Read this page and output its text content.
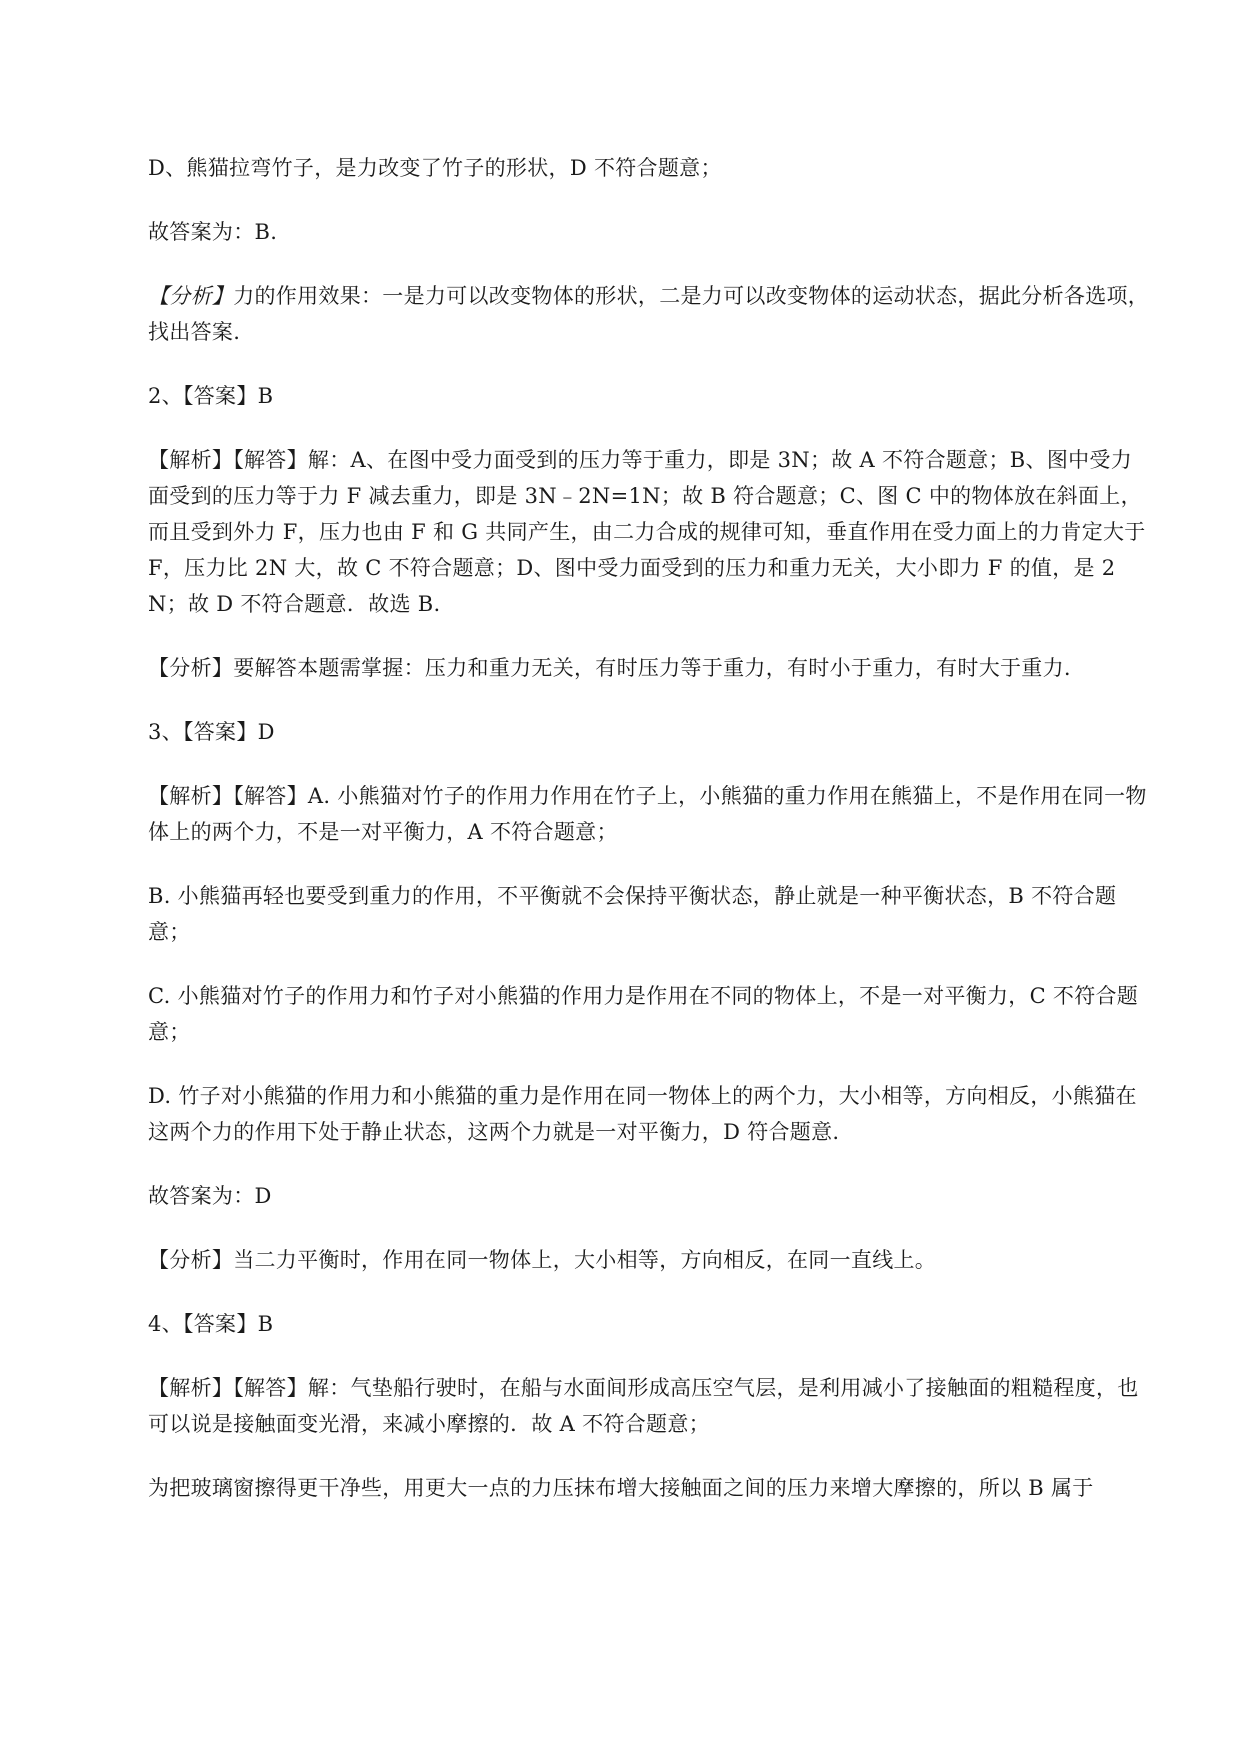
D、熊猫拉弯竹子，是力改变了竹子的形状，D 不符合题意；

故答案为：B.

【分析】力的作用效果：一是力可以改变物体的形状，二是力可以改变物体的运动状态，据此分析各选项，找出答案.

2、【答案】B

【解析】【解答】解：A、在图中受力面受到的压力等于重力，即是 3N；故 A 不符合题意；B、图中受力面受到的压力等于力 F 减去重力，即是 3N﹣2N=1N；故 B 符合题意；C、图 C 中的物体放在斜面上，而且受到外力 F，压力也由 F 和 G 共同产生，由二力合成的规律可知，垂直作用在受力面上的力肯定大于 F，压力比 2N 大，故 C 不符合题意；D、图中受力面受到的压力和重力无关，大小即力 F 的值，是 2N；故 D 不符合题意．故选 B.

【分析】要解答本题需掌握：压力和重力无关，有时压力等于重力，有时小于重力，有时大于重力.

3、【答案】D

【解析】【解答】A. 小熊猫对竹子的作用力作用在竹子上，小熊猫的重力作用在熊猫上，不是作用在同一物体上的两个力，不是一对平衡力，A 不符合题意；

B. 小熊猫再轻也要受到重力的作用，不平衡就不会保持平衡状态，静止就是一种平衡状态，B 不符合题意；

C. 小熊猫对竹子的作用力和竹子对小熊猫的作用力是作用在不同的物体上，不是一对平衡力，C 不符合题意；

D. 竹子对小熊猫的作用力和小熊猫的重力是作用在同一物体上的两个力，大小相等，方向相反，小熊猫在这两个力的作用下处于静止状态，这两个力就是一对平衡力，D 符合题意.

故答案为：D

【分析】当二力平衡时，作用在同一物体上，大小相等，方向相反，在同一直线上。

4、【答案】B

【解析】【解答】解：气垫船行驶时，在船与水面间形成高压空气层，是利用减小了接触面的粗糙程度，也可以说是接触面变光滑，来减小摩擦的．故 A 不符合题意；

为把玻璃窗擦得更干净些，用更大一点的力压抹布增大接触面之间的压力来增大摩擦的，所以 B 属于
